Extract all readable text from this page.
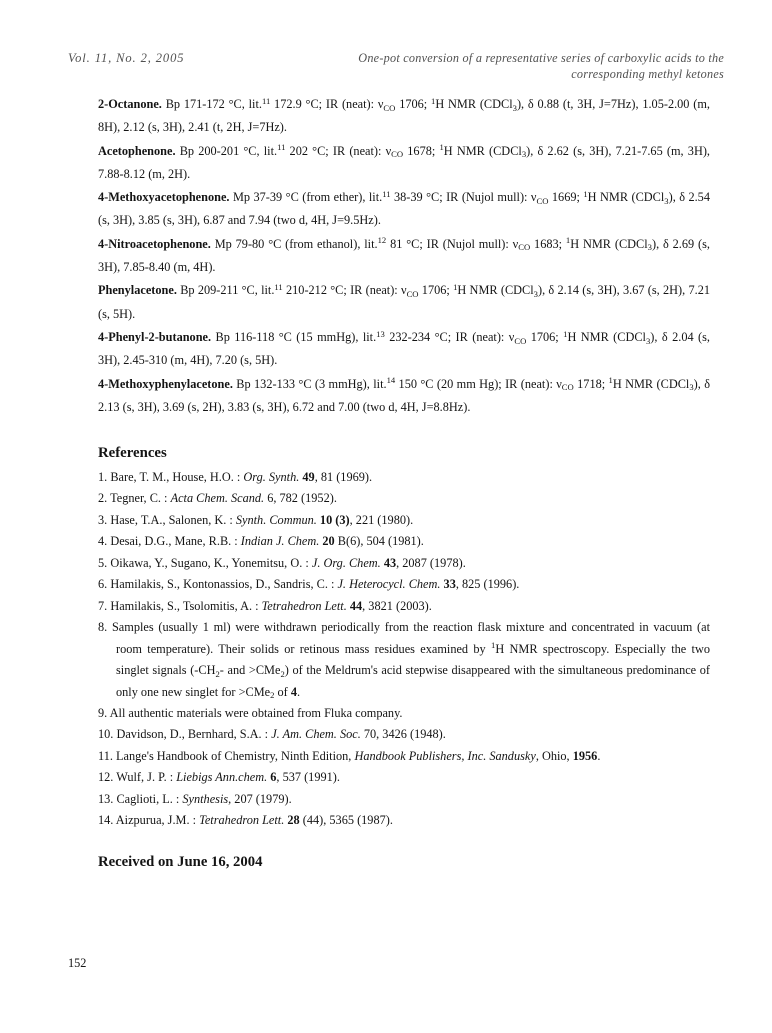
Vol. 11, No. 2, 2005	One-pot conversion of a representative series of carboxylic acids to the
corresponding methyl ketones

2-Octanone. Bp 171-172 °C, lit.$^{11}$ 172.9 °C; IR (neat): $\nu_{CO}$ 1706; $^1$H NMR (CDCl$_3$), δ 0.88 (t, 3H, J=7Hz), 1.05-2.00 (m, 8H), 2.12 (s, 3H), 2.41 (t, 2H, J=7Hz).

Acetophenone. Bp 200-201 °C, lit.$^{11}$ 202 °C; IR (neat): $\nu_{CO}$ 1678; $^1$H NMR (CDCl$_3$), δ 2.62 (s, 3H), 7.21-7.65 (m, 3H), 7.88-8.12 (m, 2H).

4-Methoxyacetophenone. Mp 37-39 °C (from ether), lit.$^{11}$ 38-39 °C; IR (Nujol mull): $\nu_{CO}$ 1669; $^1$H NMR (CDCl$_3$), δ 2.54 (s, 3H), 3.85 (s, 3H), 6.87 and 7.94 (two d, 4H, J=9.5Hz).

4-Nitroacetophenone. Mp 79-80 °C (from ethanol), lit.$^{12}$ 81 °C; IR (Nujol mull): $\nu_{CO}$ 1683; $^1$H NMR (CDCl$_3$), δ 2.69 (s, 3H), 7.85-8.40 (m, 4H).

Phenylacetone. Bp 209-211 °C, lit.$^{11}$ 210-212 °C; IR (neat): $\nu_{CO}$ 1706; $^1$H NMR (CDCl$_3$), δ 2.14 (s, 3H), 3.67 (s, 2H), 7.21 (s, 5H).

4-Phenyl-2-butanone. Bp 116-118 °C (15 mmHg), lit.$^{13}$ 232-234 °C; IR (neat): $\nu_{CO}$ 1706; $^1$H NMR (CDCl$_3$), δ 2.04 (s, 3H), 2.45-310 (m, 4H), 7.20 (s, 5H).

4-Methoxyphenylacetone. Bp 132-133 °C (3 mmHg), lit.$^{14}$ 150 °C (20 mm Hg); IR (neat): $\nu_{CO}$ 1718; $^1$H NMR (CDCl$_3$), δ 2.13 (s, 3H), 3.69 (s, 2H), 3.83 (s, 3H), 6.72 and 7.00 (two d, 4H, J=8.8Hz).

References
1. Bare, T. M., House, H.O. : Org. Synth. 49, 81 (1969).
2. Tegner, C. : Acta Chem. Scand. 6, 782 (1952).
3. Hase, T.A., Salonen, K. : Synth. Commun. 10 (3), 221 (1980).
4. Desai, D.G., Mane, R.B. : Indian J. Chem. 20 B(6), 504 (1981).
5. Oikawa, Y., Sugano, K., Yonemitsu, O. : J. Org. Chem. 43, 2087 (1978).
6. Hamilakis, S., Kontonassios, D., Sandris, C. : J. Heterocycl. Chem. 33, 825 (1996).
7. Hamilakis, S., Tsolomitis, A. : Tetrahedron Lett. 44, 3821 (2003).
8. Samples (usually 1 ml) were withdrawn periodically from the reaction flask mixture and concentrated in vacuum (at room temperature). Their solids or retinous mass residues examined by $^1$H NMR spectroscopy. Especially the two singlet signals ($-CH_2-$ and >CMe$_2$) of the Meldrum's acid stepwise disappeared with the simultaneous predominance of only one new singlet for >CMe$_2$ of 4.
9. All authentic materials were obtained from Fluka company.
10. Davidson, D., Bernhard, S.A. : J. Am. Chem. Soc. 70, 3426 (1948).
11. Lange's Handbook of Chemistry, Ninth Edition, Handbook Publishers, Inc. Sandusky, Ohio, 1956.
12. Wulf, J. P. : Liebigs Ann.chem. 6, 537 (1991).
13. Caglioti, L. : Synthesis, 207 (1979).
14. Aizpurua, J.M. : Tetrahedron Lett. 28 (44), 5365 (1987).
Received on June 16, 2004
152
